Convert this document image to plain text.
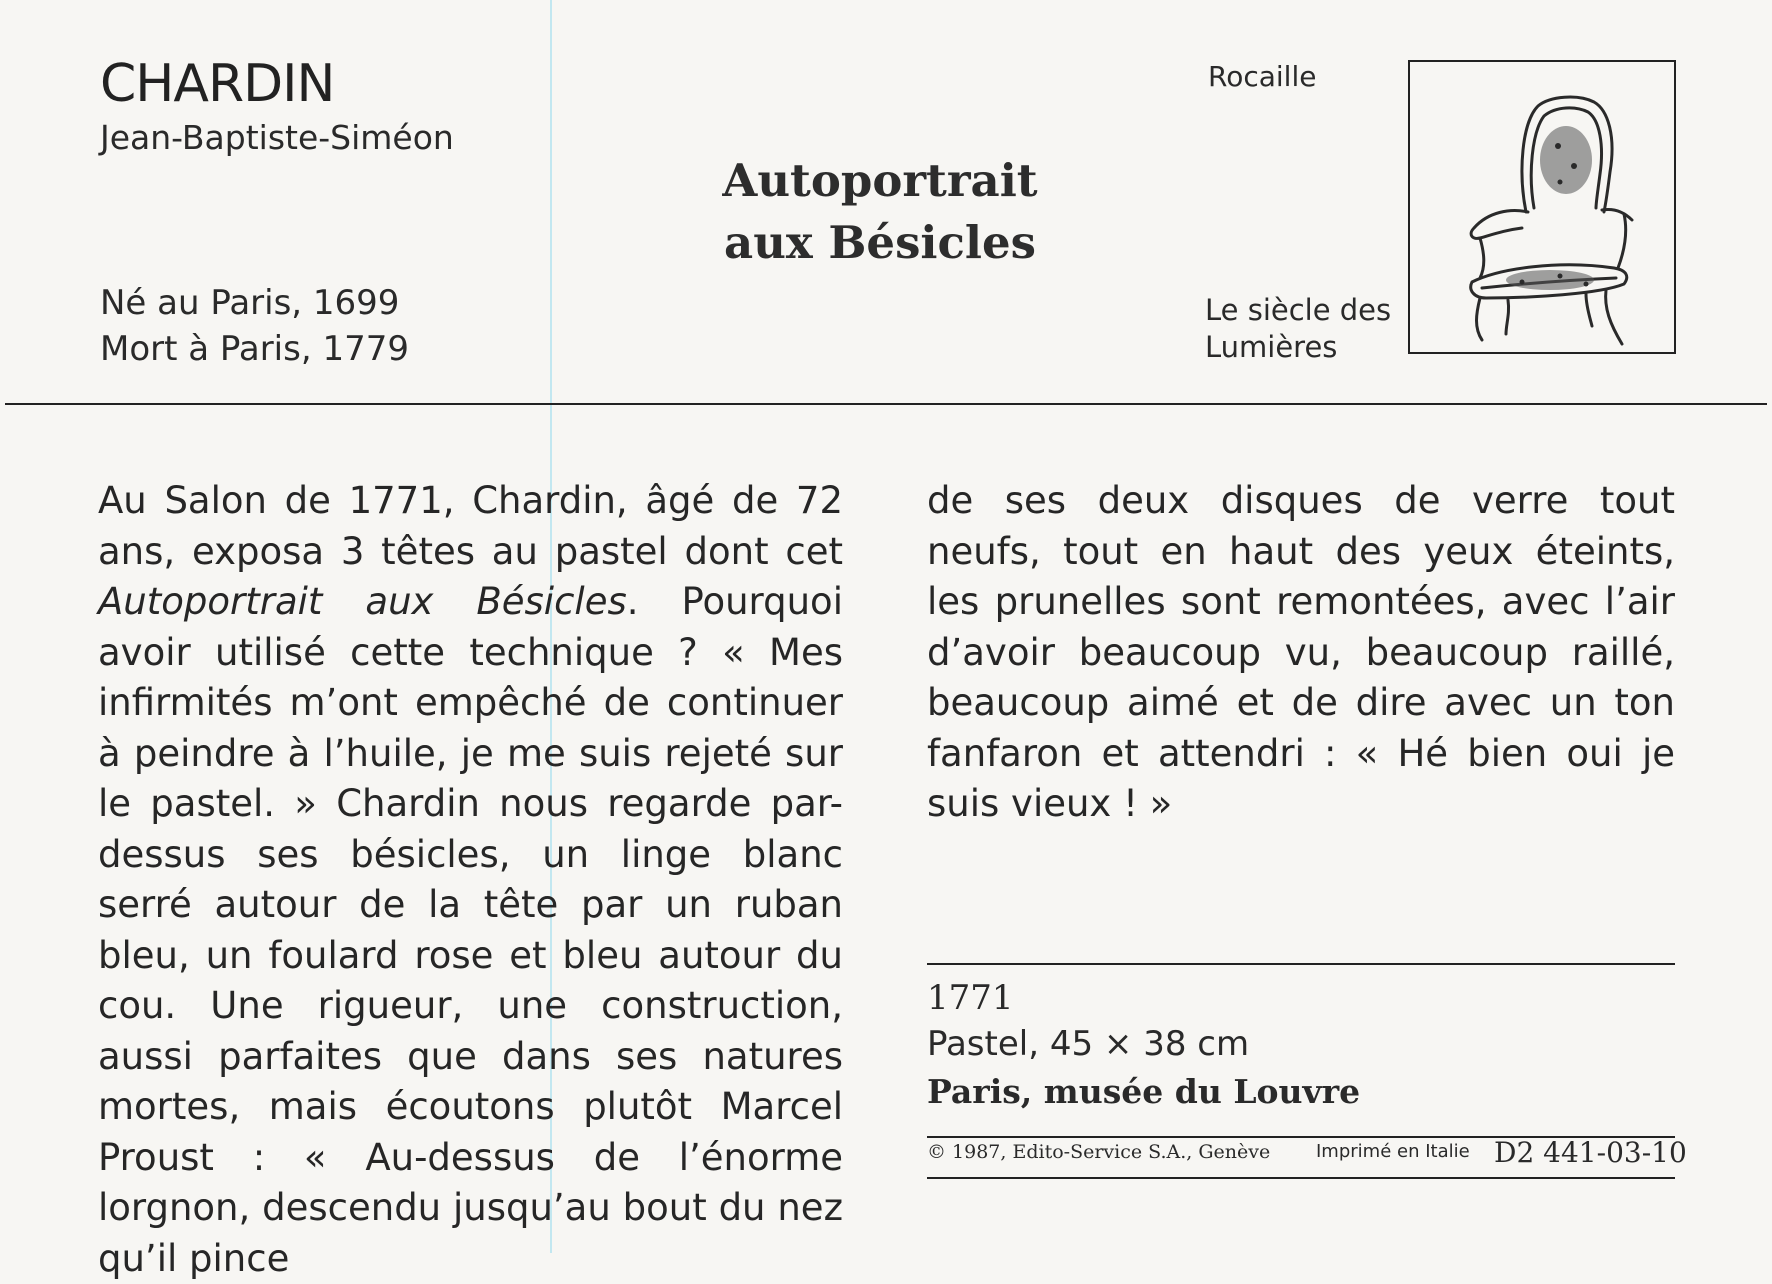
CHARDIN
Jean-Baptiste-Siméon
Né au Paris, 1699
Mort à Paris, 1779
Autoportrait
aux Bésicles
Rocaille
Le siècle des
Lumières

Au Salon de 1771, Chardin, âgé de 72 ans, exposa 3 têtes au pastel dont cet Autoportrait aux Bésicles. Pourquoi avoir utilisé cette technique ? « Mes infirmités m’ont empêché de continuer à peindre à l’huile, je me suis rejeté sur le pastel. » Chardin nous regarde par-dessus ses bésicles, un linge blanc serré autour de la tête par un ruban bleu, un foulard rose et bleu autour du cou. Une rigueur, une construction, aussi parfaites que dans ses natures mortes, mais écoutons plutôt Marcel Proust : « Au-dessus de l’énorme lorgnon, descendu jusqu’au bout du nez qu’il pince

de ses deux disques de verre tout neufs, tout en haut des yeux éteints, les prunelles sont remontées, avec l’air d’avoir beaucoup vu, beaucoup raillé, beaucoup aimé et de dire avec un ton fanfaron et attendri : « Hé bien oui je suis vieux ! »

1771
Pastel, 45 × 38 cm
Paris, musée du Louvre
© 1987, Edito-Service S.A., Genève	Imprimé en Italie D2 441-03-10
